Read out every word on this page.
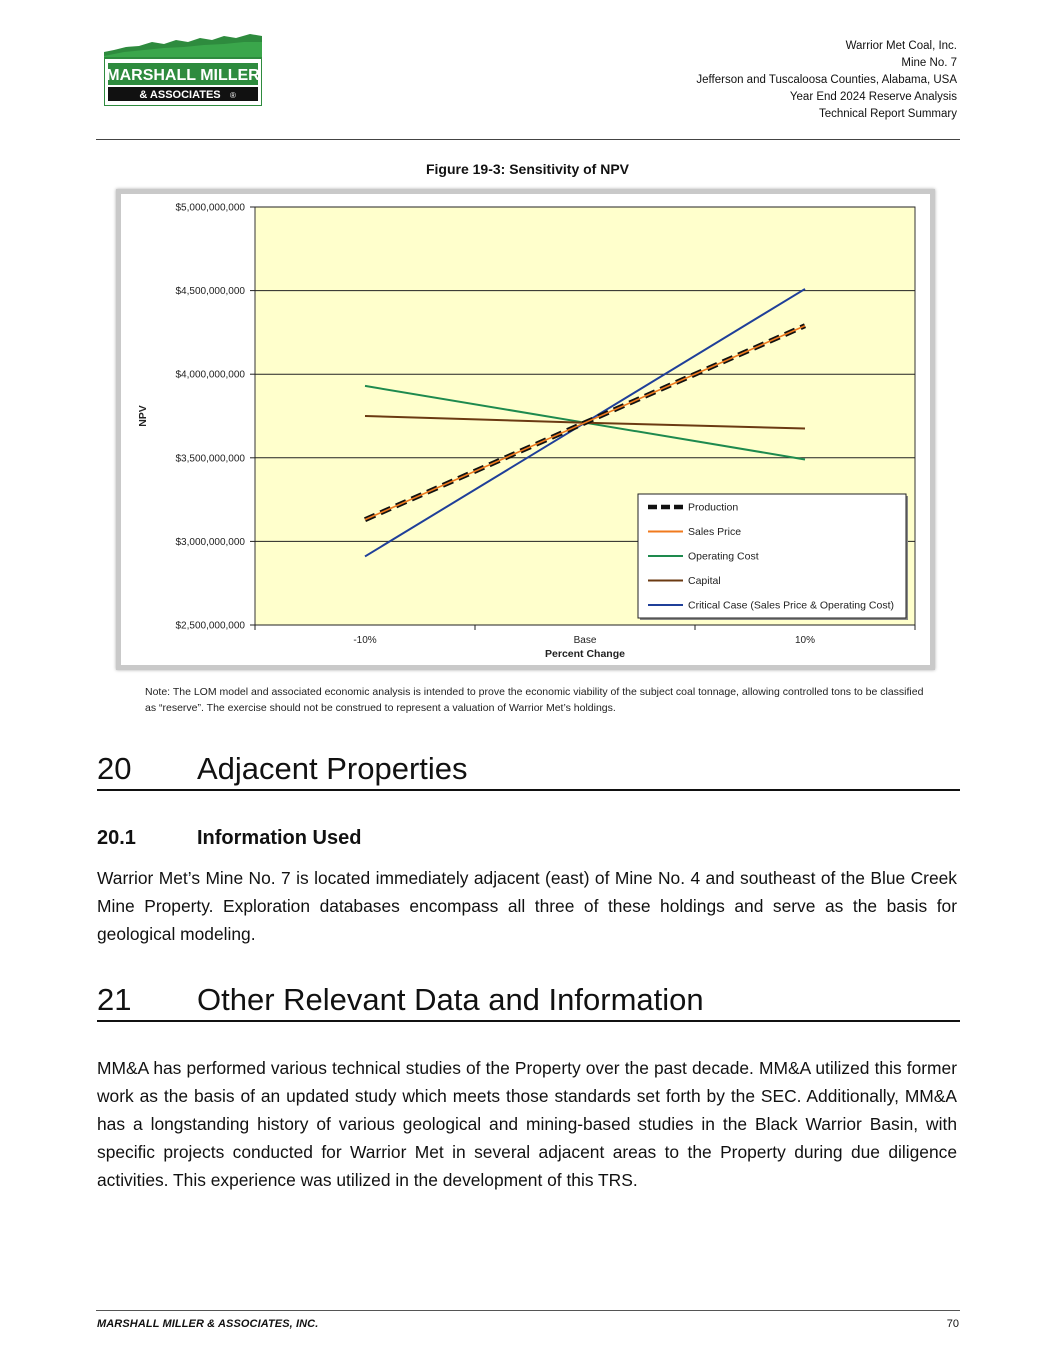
MARSHALL MILLER
& ASSOCIATES ®
Warrior Met Coal, Inc.
Mine No. 7
Jefferson and Tuscaloosa Counties, Alabama, USA
Year End 2024 Reserve Analysis
Technical Report Summary
Figure 19-3: Sensitivity of NPV
$2,500,000,000
$3,000,000,000
$3,500,000,000
$4,000,000,000
$4,500,000,000
$5,000,000,000
-10%	Base	10%
Percent Change
NPV
Production
Sales Price
Operating Cost
Capital
Critical Case (Sales Price & Operating Cost)
Note: The LOM model and associated economic analysis is intended to prove the economic viability of the subject coal tonnage, allowing controlled tons to be classified as “reserve”. The exercise should not be construed to represent a valuation of Warrior Met’s holdings.
20 Adjacent Properties
20.1	Information Used

Warrior Met’s Mine No. 7 is located immediately adjacent (east) of Mine No. 4 and southeast of the Blue Creek Mine Property. Exploration databases encompass all three of these holdings and serve as the basis for geological modeling.

21 Other Relevant Data and Information

MM&A has performed various technical studies of the Property over the past decade. MM&A utilized this former work as the basis of an updated study which meets those standards set forth by the SEC. Additionally, MM&A has a longstanding history of various geological and mining-based studies in the Black Warrior Basin, with specific projects conducted for Warrior Met in several adjacent areas to the Property during due diligence activities. This experience was utilized in the development of this TRS.

MARSHALL MILLER & ASSOCIATES, INC.	70
